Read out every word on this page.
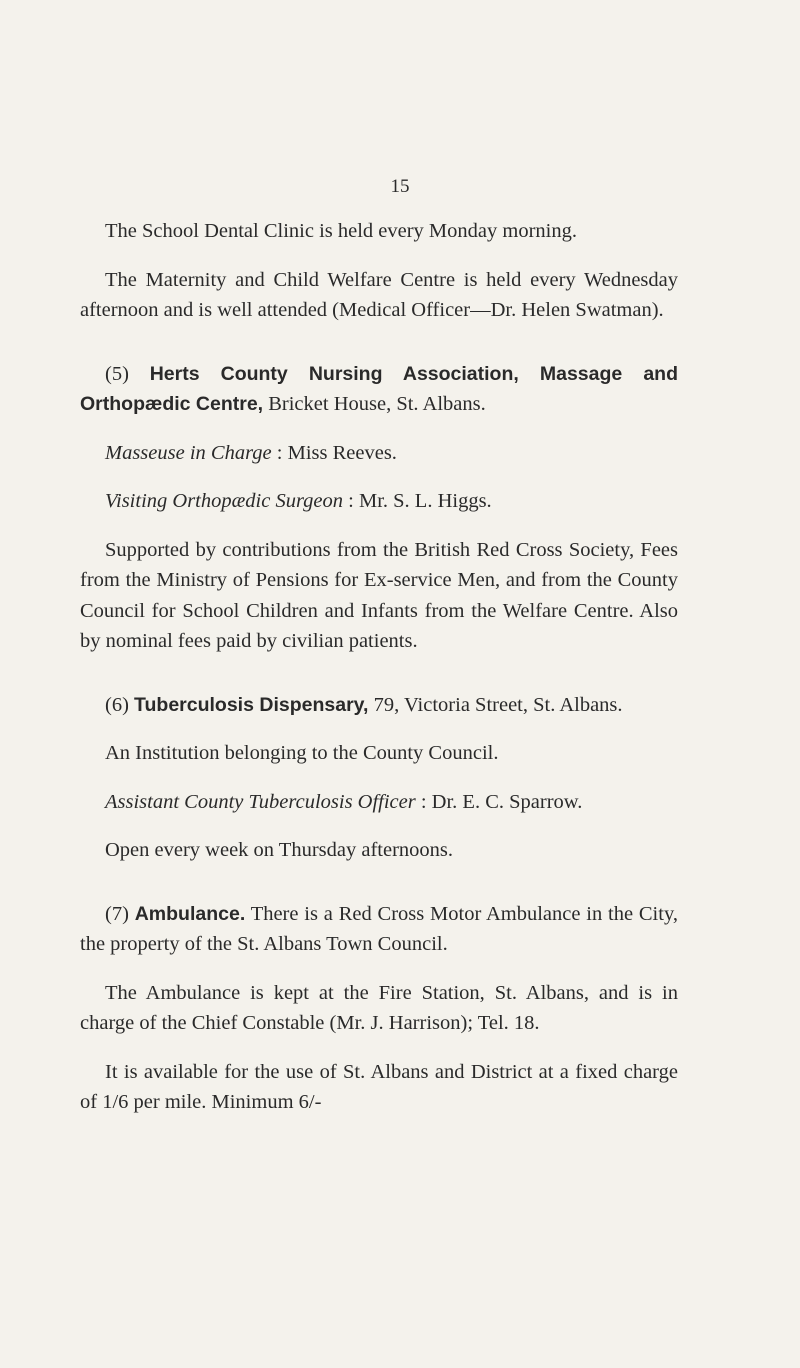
15

The School Dental Clinic is held every Monday morning.

The Maternity and Child Welfare Centre is held every Wednesday afternoon and is well attended (Medical Officer—Dr. Helen Swatman).

(5) Herts County Nursing Association, Massage and Orthopædic Centre, Bricket House, St. Albans.

Masseuse in Charge : Miss Reeves.

Visiting Orthopædic Surgeon : Mr. S. L. Higgs.

Supported by contributions from the British Red Cross Society, Fees from the Ministry of Pensions for Ex-service Men, and from the County Council for School Children and Infants from the Welfare Centre. Also by nominal fees paid by civilian patients.

(6) Tuberculosis Dispensary, 79, Victoria Street, St. Albans.

An Institution belonging to the County Council.

Assistant County Tuberculosis Officer : Dr. E. C. Sparrow.

Open every week on Thursday afternoons.

(7) Ambulance. There is a Red Cross Motor Ambulance in the City, the property of the St. Albans Town Council.

The Ambulance is kept at the Fire Station, St. Albans, and is in charge of the Chief Constable (Mr. J. Harrison); Tel. 18.

It is available for the use of St. Albans and District at a fixed charge of 1/6 per mile. Minimum 6/-
